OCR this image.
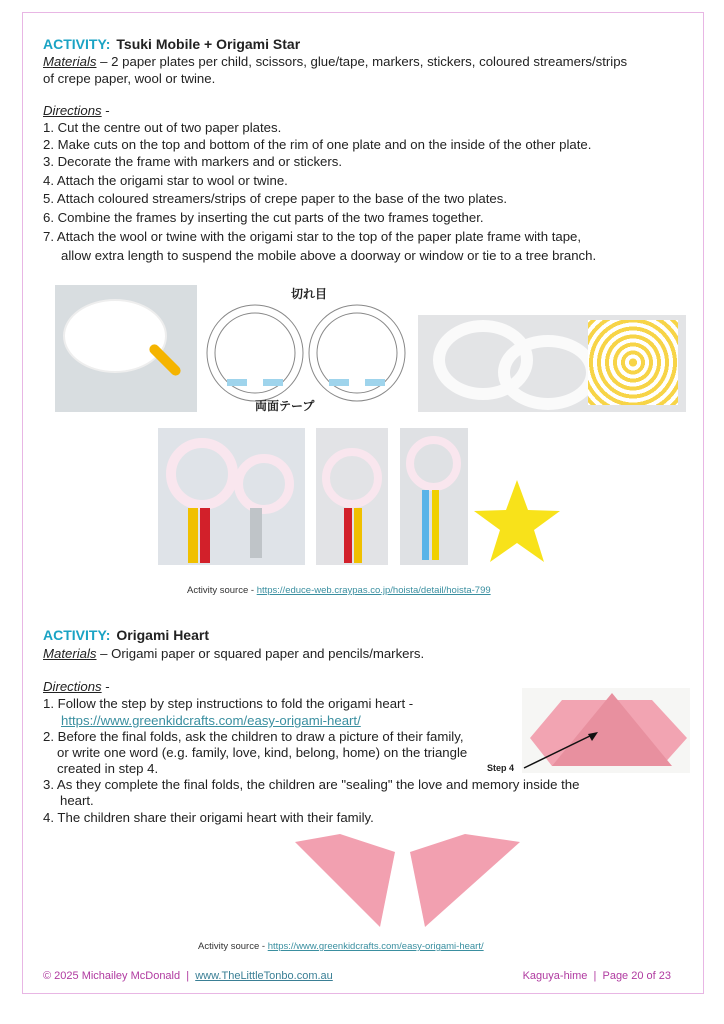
ACTIVITY: Tsuki Mobile + Origami Star
Materials – 2 paper plates per child, scissors, glue/tape, markers, stickers, coloured streamers/strips
of crepe paper, wool or twine.
Directions -
1. Cut the centre out of two paper plates.
2. Make cuts on the top and bottom of the rim of one plate and on the inside of the other plate.
3. Decorate the frame with markers and or stickers.
4. Attach the origami star to wool or twine.
5. Attach coloured streamers/strips of crepe paper to the base of the two plates.
6. Combine the frames by inserting the cut parts of the two frames together.
7. Attach the wool or twine with the origami star to the top of the paper plate frame with tape,
allow extra length to suspend the mobile above a doorway or window or tie to a tree branch.
切れ目
両面テープ
Activity source - https://educe-web.craypas.co.jp/hoista/detail/hoista-799
ACTIVITY: Origami Heart
Materials – Origami paper or squared paper and pencils/markers.
Directions -
1. Follow the step by step instructions to fold the origami heart -
https://www.greenkidcrafts.com/easy-origami-heart/
2. Before the final folds, ask the children to draw a picture of their family,
or write one word (e.g. family, love, kind, belong, home) on the triangle
created in step 4.
3. As they complete the final folds, the children are "sealing" the love and memory inside the
heart.
4. The children share their origami heart with their family.
Step 4
Activity source - https://www.greenkidcrafts.com/easy-origami-heart/
© 2025 Michailey McDonald  |  www.TheLittleTonbo.com.au	Kaguya-hime  |  Page 20 of 23
